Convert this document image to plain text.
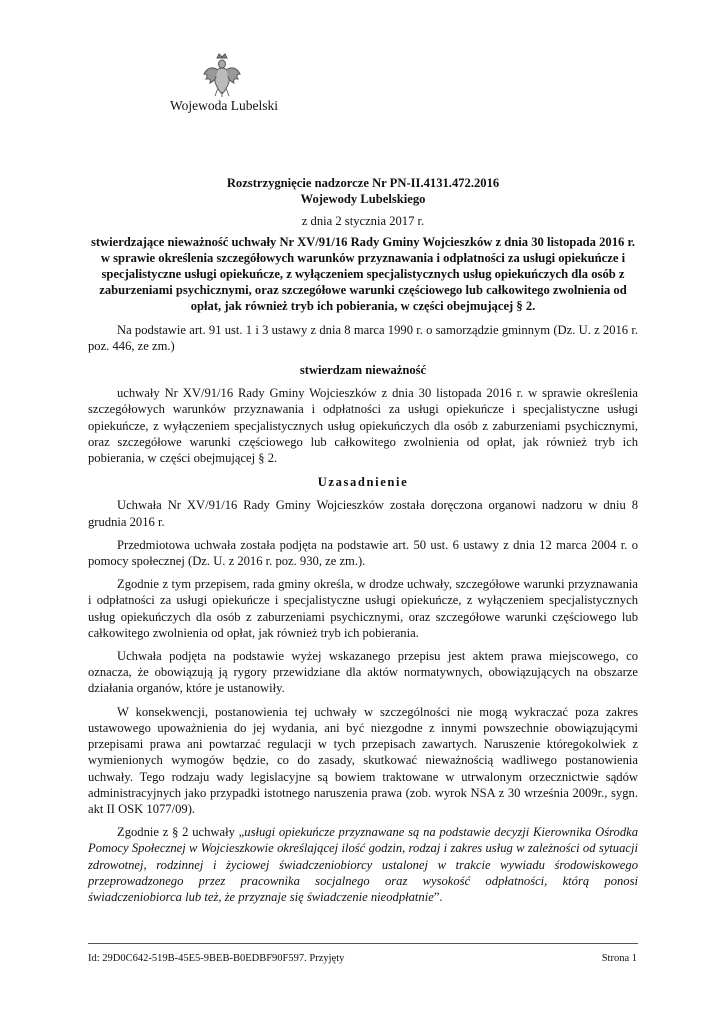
Wojewoda Lubelski
Rozstrzygnięcie nadzorcze Nr PN-II.4131.472.2016
Wojewody Lubelskiego
z dnia 2 stycznia 2017 r.
stwierdzające nieważność uchwały Nr XV/91/16 Rady Gminy Wojcieszków z dnia 30 listopada 2016 r. w sprawie określenia szczegółowych warunków przyznawania i odpłatności za usługi opiekuńcze i specjalistyczne usługi opiekuńcze, z wyłączeniem specjalistycznych usług opiekuńczych dla osób z zaburzeniami psychicznymi, oraz szczegółowe warunki częściowego lub całkowitego zwolnienia od opłat, jak również tryb ich pobierania, w części obejmującej § 2.

Na podstawie art. 91 ust. 1 i 3 ustawy z dnia 8 marca 1990 r. o samorządzie gminnym (Dz. U. z 2016 r. poz. 446, ze zm.)

stwierdzam nieważność

uchwały Nr XV/91/16 Rady Gminy Wojcieszków z dnia 30 listopada 2016 r. w sprawie określenia szczegółowych warunków przyznawania i odpłatności za usługi opiekuńcze i specjalistyczne usługi opiekuńcze, z wyłączeniem specjalistycznych usług opiekuńczych dla osób z zaburzeniami psychicznymi, oraz szczegółowe warunki częściowego lub całkowitego zwolnienia od opłat, jak również tryb ich pobierania, w części obejmującej § 2.

Uzasadnienie

Uchwała Nr XV/91/16 Rady Gminy Wojcieszków została doręczona organowi nadzoru w dniu 8 grudnia 2016 r.

Przedmiotowa uchwała została podjęta na podstawie art. 50 ust. 6 ustawy z dnia 12 marca 2004 r. o pomocy społecznej (Dz. U. z 2016 r. poz. 930, ze zm.).

Zgodnie z tym przepisem, rada gminy określa, w drodze uchwały, szczegółowe warunki przyznawania i odpłatności za usługi opiekuńcze i specjalistyczne usługi opiekuńcze, z wyłączeniem specjalistycznych usług opiekuńczych dla osób z zaburzeniami psychicznymi, oraz szczegółowe warunki częściowego lub całkowitego zwolnienia od opłat, jak również tryb ich pobierania.

Uchwała podjęta na podstawie wyżej wskazanego przepisu jest aktem prawa miejscowego, co oznacza, że obowiązują ją rygory przewidziane dla aktów normatywnych, obowiązujących na obszarze działania organów, które je ustanowiły.

W konsekwencji, postanowienia tej uchwały w szczególności nie mogą wykraczać poza zakres ustawowego upoważnienia do jej wydania, ani być niezgodne z innymi powszechnie obowiązującymi przepisami prawa ani powtarzać regulacji w tych przepisach zawartych. Naruszenie któregokolwiek z wymienionych wymogów będzie, co do zasady, skutkować nieważnością wadliwego postanowienia uchwały. Tego rodzaju wady legislacyjne są bowiem traktowane w utrwalonym orzecznictwie sądów administracyjnych jako przypadki istotnego naruszenia prawa (zob. wyrok NSA z 30 września 2009r., sygn. akt II OSK 1077/09).

Zgodnie z § 2 uchwały „usługi opiekuńcze przyznawane są na podstawie decyzji Kierownika Ośrodka Pomocy Społecznej w Wojcieszkowie określającej ilość godzin, rodzaj i zakres usług w zależności od sytuacji zdrowotnej, rodzinnej i życiowej świadczeniobiorcy ustalonej w trakcie wywiadu środowiskowego przeprowadzonego przez pracownika socjalnego oraz wysokość odpłatności, którą ponosi świadczeniobiorca lub też, że przyznaje się świadczenie nieodpłatnie”.

Id: 29D0C642-519B-45E5-9BEB-B0EDBF90F597. Przyjęty	Strona 1
